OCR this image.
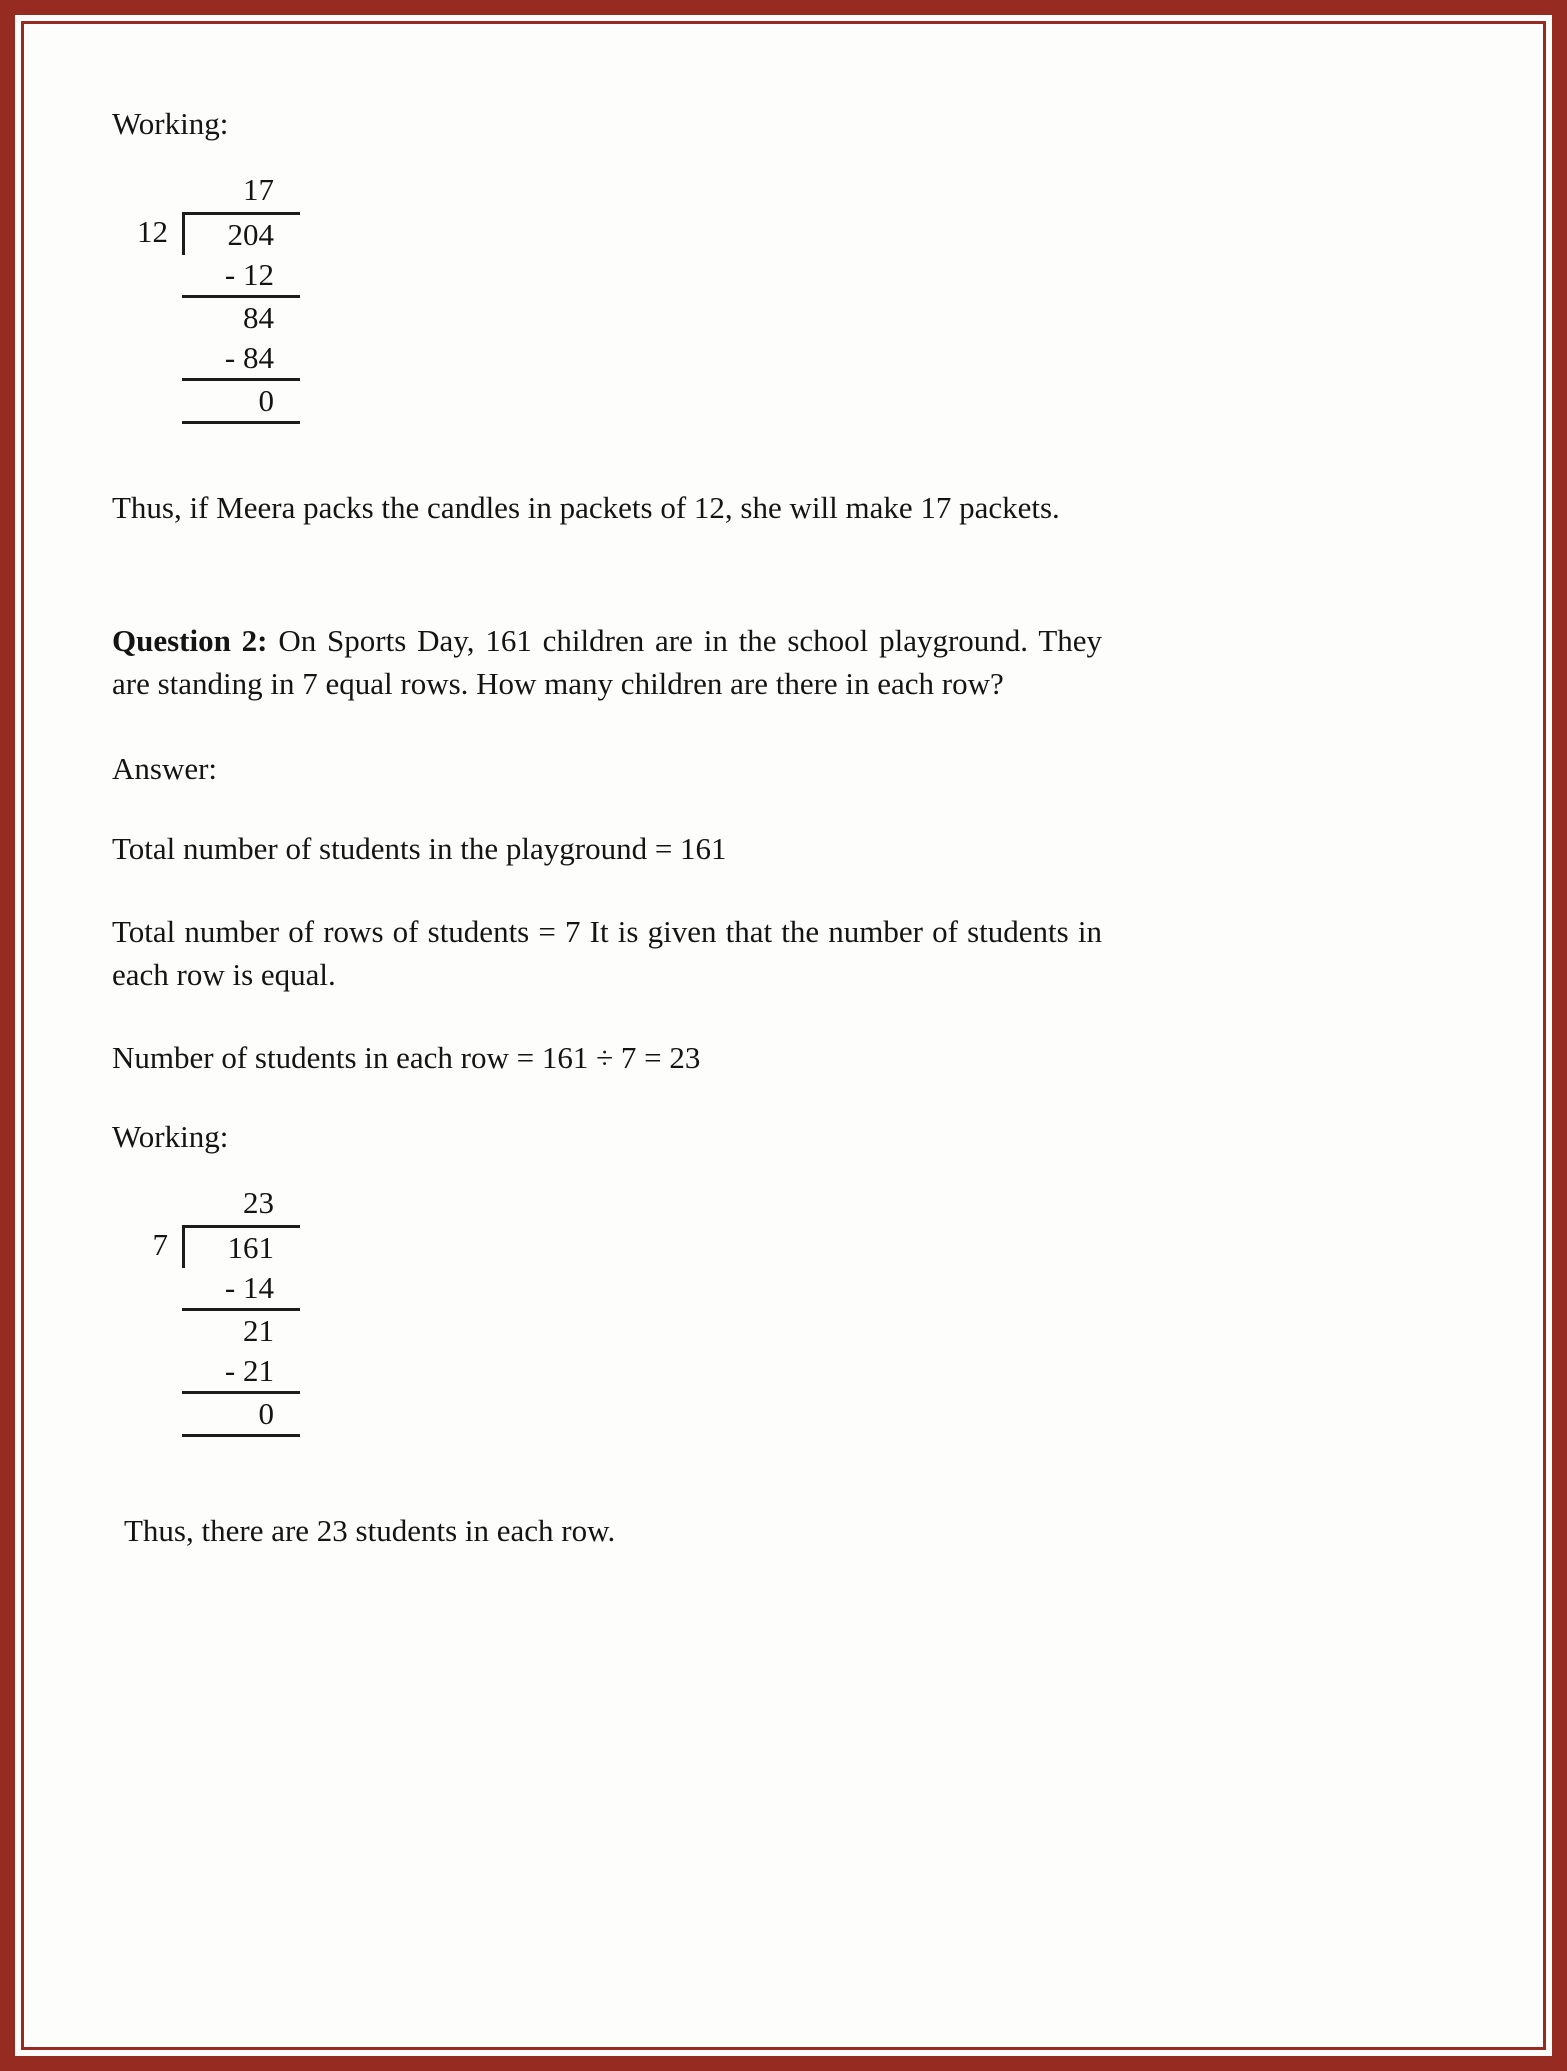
Working:

17
12	204
- 12
84
- 84
0

Thus, if Meera packs the candles in packets of 12, she will make 17 packets.

Question 2: On Sports Day, 161 children are in the school playground. They are standing in 7 equal rows. How many children are there in each row?

Answer:

Total number of students in the playground = 161

Total number of rows of students = 7 It is given that the number of students in each row is equal.

Number of students in each row = 161 ÷ 7 = 23

Working:

23
7	161
- 14
21
- 21
0

Thus, there are 23 students in each row.
